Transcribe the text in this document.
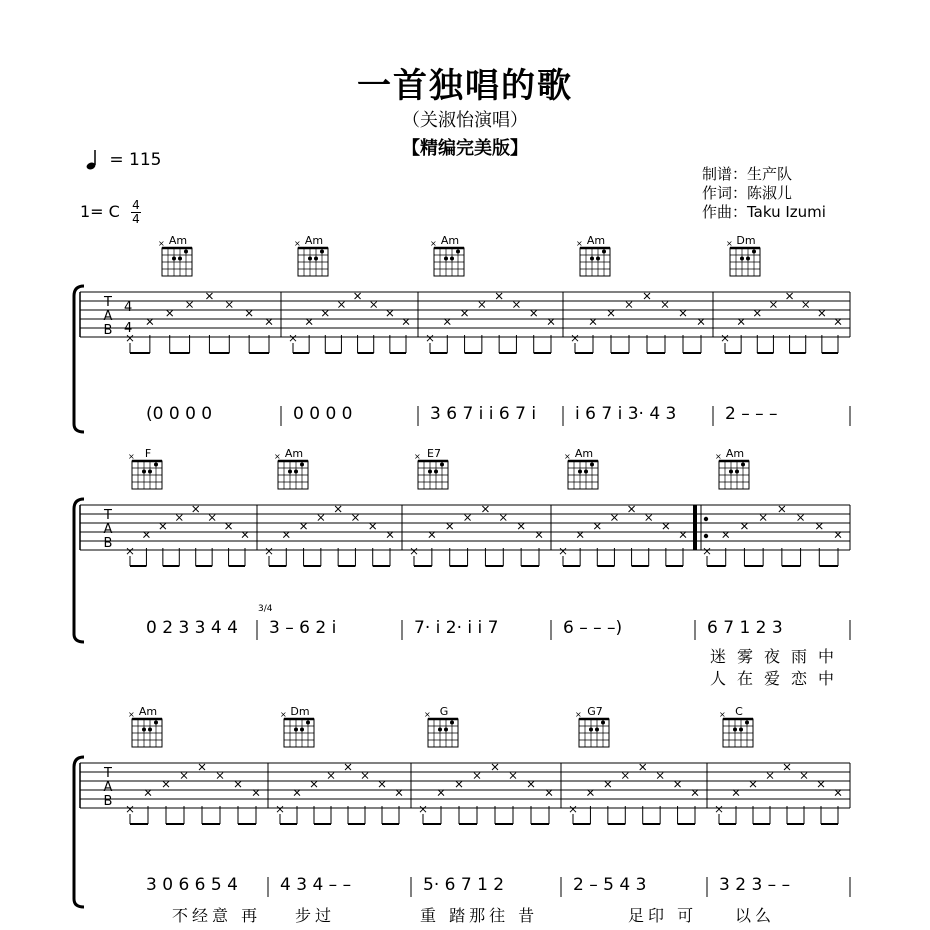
一首独唱的歌
（关淑怡演唱）
【精编完美版】
= 115
1= C $\frac{4}{4}$
制谱：生产队
作词：陈淑儿
作曲：Taku Izumi
T
A
B
4
4
×	×	×	×	×
T
A
B
×	×	×	×	×
T
A
B
×	×	×	×	×
Am	Am	Am	Am	Dm
(0 0 0 0	0 0 0 0	3 6 7 i i 6 7 i	i 6 7 i 3· 4 3	2 – – –
F	Am	E7	Am	Am
0 2 3 3 4 4	3 – 6 2 i	7· i 2· i i 7	6 – – –)	6 7 1 2 3
Am	Dm	G	G7	C
3 0 6 6 5 4	4 3 4 – –	5· 6 7 1 2	2 – 5 4 3	3 2 3 – –
迷雾夜雨中
人在爱恋中
不经意 再	步过	重 踏那往 昔	足印 可 以么
3/4
